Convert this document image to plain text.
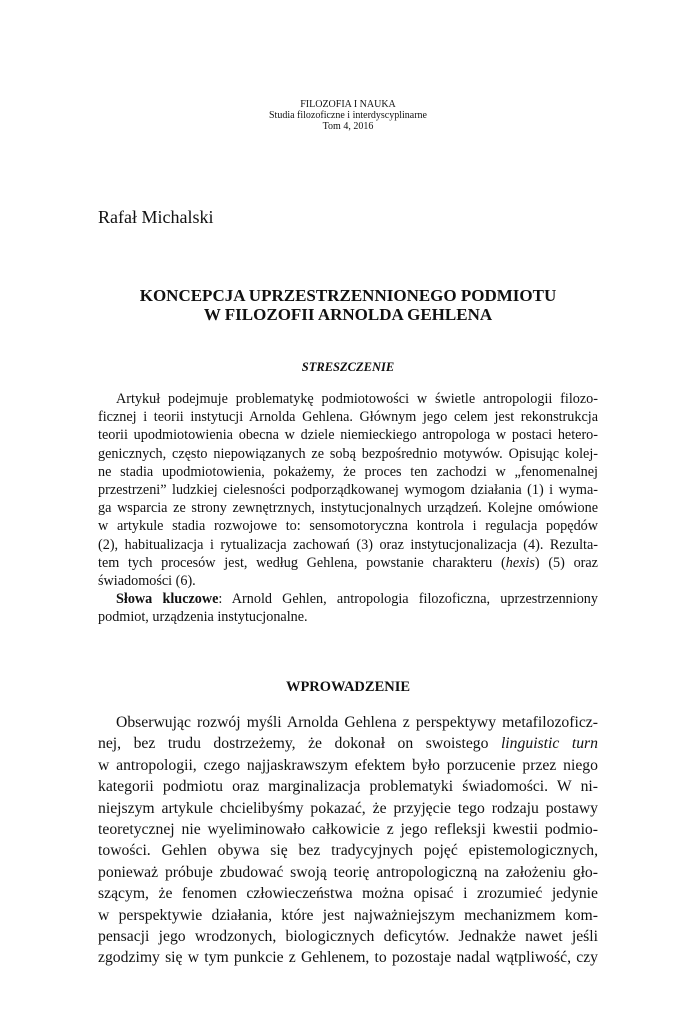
FILOZOFIA I NAUKA
Studia filozoficzne i interdyscyplinarne
Tom 4, 2016
Rafał Michalski
KONCEPCJA UPRZESTRZENNIONEGO PODMIOTU
W FILOZOFII ARNOLDA GEHLENA
STRESZCZENIE
Artykuł podejmuje problematykę podmiotowości w świetle antropologii filozo-
ficznej i teorii instytucji Arnolda Gehlena. Głównym jego celem jest rekonstrukcja
teorii upodmiotowienia obecna w dziele niemieckiego antropologa w postaci hetero-
genicznych, często niepowiązanych ze sobą bezpośrednio motywów. Opisując kolej-
ne stadia upodmiotowienia, pokażemy, że proces ten zachodzi w „fenomenalnej
przestrzeni” ludzkiej cielesności podporządkowanej wymogom działania (1) i wyma-
ga wsparcia ze strony zewnętrznych, instytucjonalnych urządzeń. Kolejne omówione
w artykule stadia rozwojowe to: sensomotoryczna kontrola i regulacja popędów
(2), habitualizacja i rytualizacja zachowań (3) oraz instytucjonalizacja (4). Rezulta-
tem tych procesów jest, według Gehlena, powstanie charakteru (hexis) (5) oraz
świadomości (6).
Słowa kluczowe: Arnold Gehlen, antropologia filozoficzna, uprzestrzenniony
podmiot, urządzenia instytucjonalne.
WPROWADZENIE
Obserwując rozwój myśli Arnolda Gehlena z perspektywy metafilozoficz-
nej, bez trudu dostrzeżemy, że dokonał on swoistego linguistic turn
w antropologii, czego najjaskrawszym efektem było porzucenie przez niego
kategorii podmiotu oraz marginalizacja problematyki świadomości. W ni-
niejszym artykule chcielibyśmy pokazać, że przyjęcie tego rodzaju postawy
teoretycznej nie wyeliminowało całkowicie z jego refleksji kwestii podmio-
towości. Gehlen obywa się bez tradycyjnych pojęć epistemologicznych,
ponieważ próbuje zbudować swoją teorię antropologiczną na założeniu gło-
szącym, że fenomen człowieczeństwa można opisać i zrozumieć jedynie
w perspektywie działania, które jest najważniejszym mechanizmem kom-
pensacji jego wrodzonych, biologicznych deficytów. Jednakże nawet jeśli
zgodzimy się w tym punkcie z Gehlenem, to pozostaje nadal wątpliwość, czy
